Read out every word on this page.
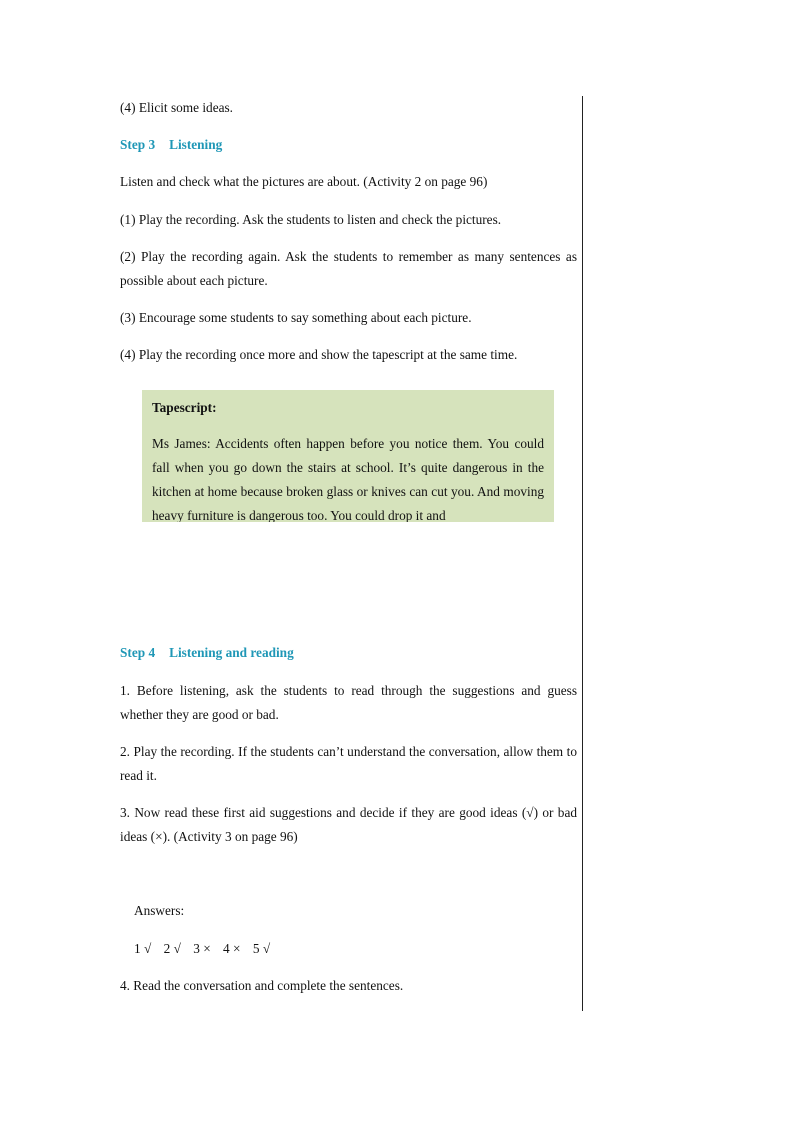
(4) Elicit some ideas.

Step 3 Listening

Listen and check what the pictures are about. (Activity 2 on page 96)

(1) Play the recording. Ask the students to listen and check the pictures.

(2) Play the recording again. Ask the students to remember as many sentences as possible about each picture.

(3) Encourage some students to say something about each picture.

(4) Play the recording once more and show the tapescript at the same time.

Tapescript:

Ms James: Accidents often happen before you notice them. You could fall when you go down the stairs at school. It’s quite dangerous in the kitchen at home because broken glass or knives can cut you. And moving heavy furniture is dangerous too. You could drop it and

Step 4 Listening and reading

1. Before listening, ask the students to read through the suggestions and guess whether they are good or bad.

2. Play the recording. If the students can’t understand the conversation, allow them to read it.

3. Now read these first aid suggestions and decide if they are good ideas (√) or bad ideas (×). (Activity 3 on page 96)

Answers:
1 √ 2 √ 3 × 4 × 5 √

4. Read the conversation and complete the sentences.
